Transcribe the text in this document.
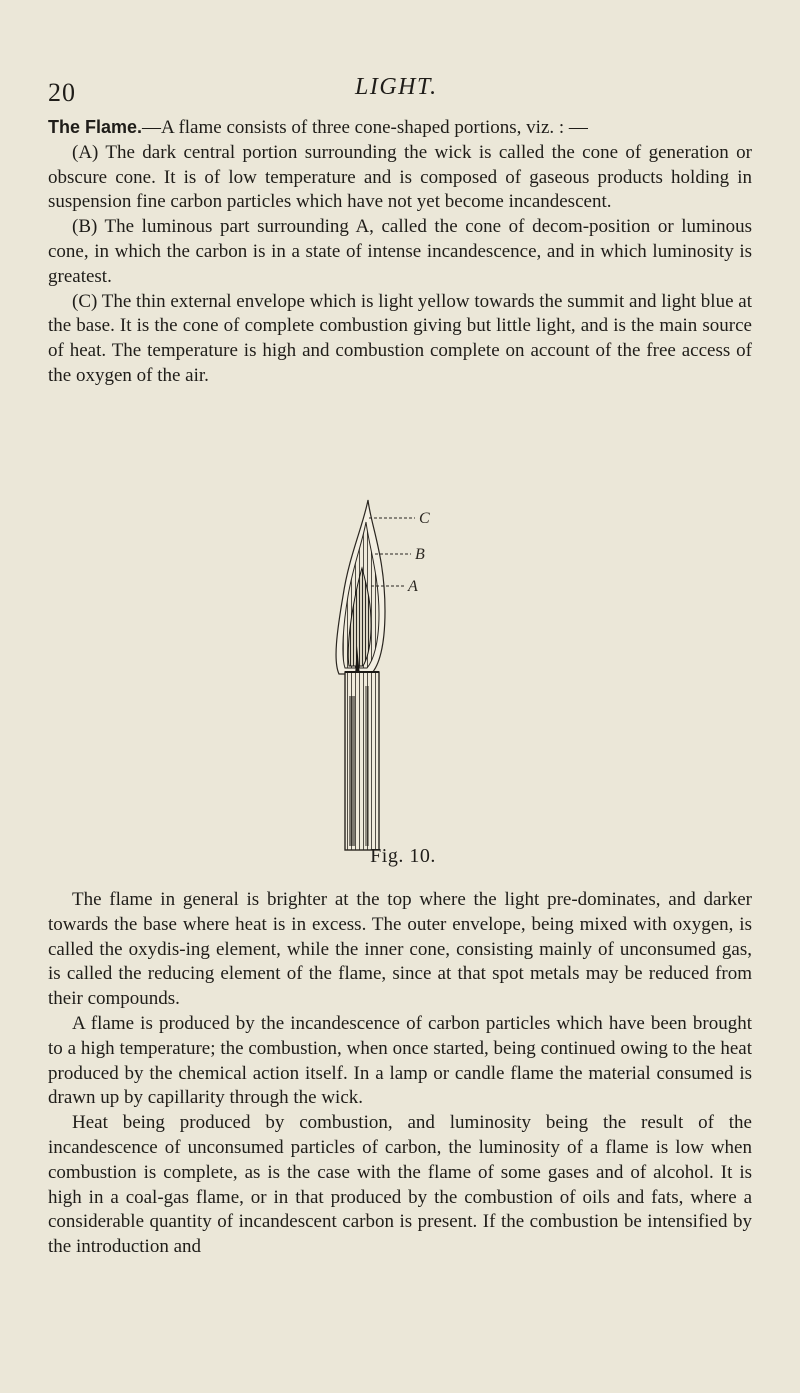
20	LIGHT.

The Flame.—A flame consists of three cone-shaped portions, viz. : —

(A) The dark central portion surrounding the wick is called the cone of generation or obscure cone. It is of low temperature and is composed of gaseous products holding in suspension fine carbon particles which have not yet become incandescent.

(B) The luminous part surrounding A, called the cone of decom-position or luminous cone, in which the carbon is in a state of intense incandescence, and in which luminosity is greatest.

(C) The thin external envelope which is light yellow towards the summit and light blue at the base. It is the cone of complete combustion giving but little light, and is the main source of heat. The temperature is high and combustion complete on account of the free access of the oxygen of the air.

C
B
A
Fig. 10.

The flame in general is brighter at the top where the light pre-dominates, and darker towards the base where heat is in excess. The outer envelope, being mixed with oxygen, is called the oxydis-ing element, while the inner cone, consisting mainly of unconsumed gas, is called the reducing element of the flame, since at that spot metals may be reduced from their compounds.

A flame is produced by the incandescence of carbon particles which have been brought to a high temperature; the combustion, when once started, being continued owing to the heat produced by the chemical action itself. In a lamp or candle flame the material consumed is drawn up by capillarity through the wick.

Heat being produced by combustion, and luminosity being the result of the incandescence of unconsumed particles of carbon, the luminosity of a flame is low when combustion is complete, as is the case with the flame of some gases and of alcohol. It is high in a coal-gas flame, or in that produced by the combustion of oils and fats, where a considerable quantity of incandescent carbon is present. If the combustion be intensified by the introduction and
